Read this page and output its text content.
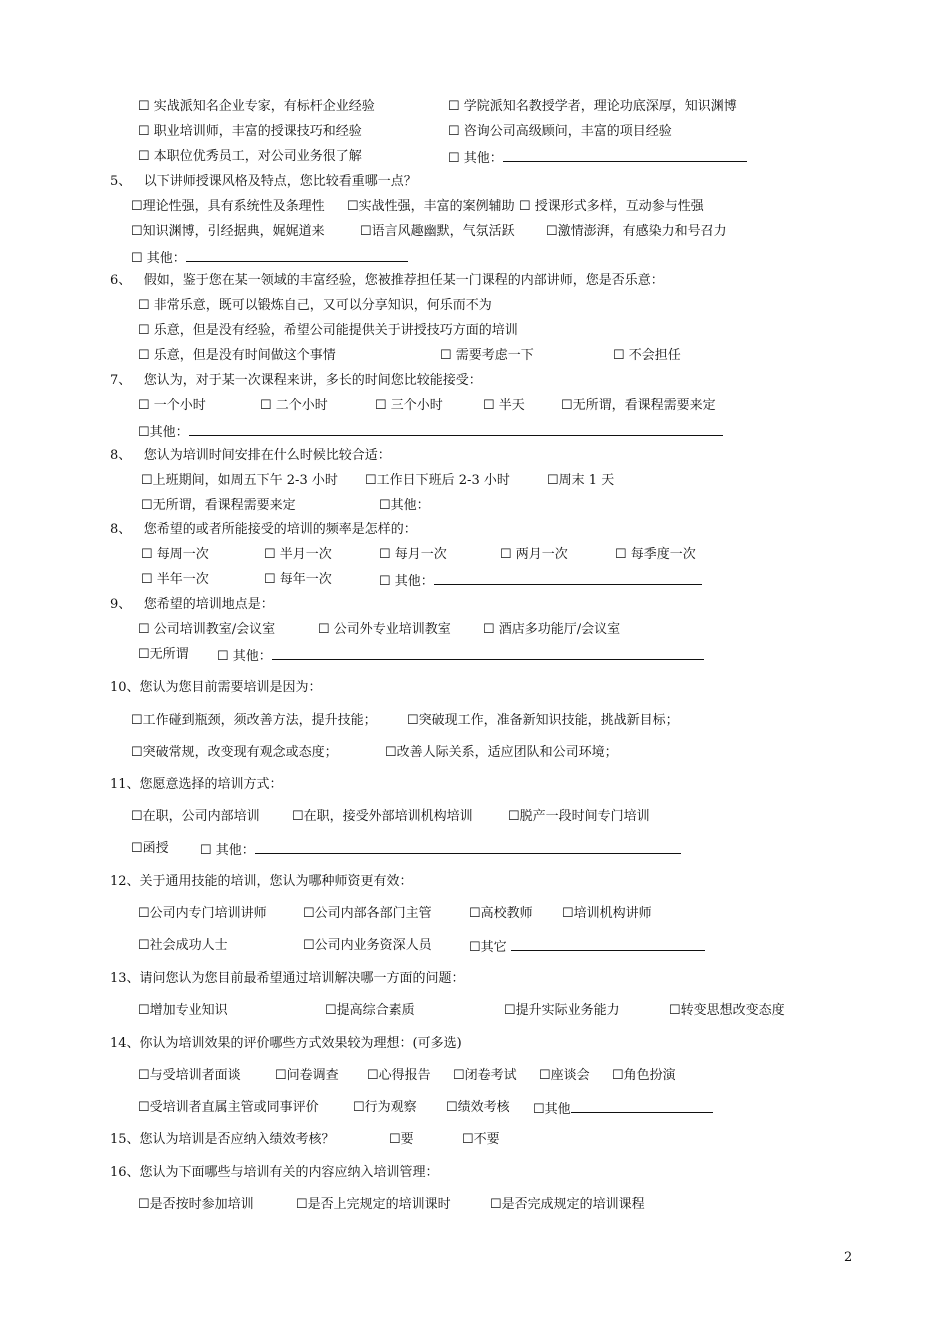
☐ 实战派知名企业专家，有标杆企业经验	☐ 学院派知名教授学者，理论功底深厚，知识渊博
☐ 职业培训师，丰富的授课技巧和经验	☐ 咨询公司高级顾问，丰富的项目经验
☐ 本职位优秀员工，对公司业务很了解	☐ 其他：
5、 以下讲师授课风格及特点，您比较看重哪一点？
☐理论性强，具有系统性及条理性 ☐实战性强，丰富的案例辅助 ☐ 授课形式多样，互动参与性强
☐知识渊博，引经据典，娓娓道来	☐语言风趣幽默，气氛活跃 ☐激情澎湃，有感染力和号召力
☐ 其他：
6、 假如，鉴于您在某一领域的丰富经验，您被推荐担任某一门课程的内部讲师，您是否乐意：
☐ 非常乐意，既可以锻炼自己，又可以分享知识，何乐而不为
☐ 乐意，但是没有经验，希望公司能提供关于讲授技巧方面的培训
☐ 乐意，但是没有时间做这个事情	☐ 需要考虑一下	☐ 不会担任
7、 您认为，对于某一次课程来讲，多长的时间您比较能接受：
☐ 一个小时	☐ 二个小时	☐ 三个小时	☐ 半天	☐无所谓，看课程需要来定
☐其他：
8、 您认为培训时间安排在什么时候比较合适：
☐上班期间，如周五下午 2-3 小时 ☐工作日下班后 2-3 小时	☐周末 1 天
☐无所谓，看课程需要来定	☐其他：
8、 您希望的或者所能接受的培训的频率是怎样的：
☐ 每周一次	☐ 半月一次	☐ 每月一次	☐ 两月一次	☐ 每季度一次
☐ 半年一次	☐ 每年一次	☐ 其他：
9、 您希望的培训地点是：
☐ 公司培训教室/会议室	☐ 公司外专业培训教室 ☐ 酒店多功能厅/会议室
☐无所谓 ☐ 其他：
10、您认为您目前需要培训是因为：
☐工作碰到瓶颈，须改善方法，提升技能； ☐突破现工作，准备新知识技能，挑战新目标；
☐突破常规，改变现有观念或态度；	☐改善人际关系，适应团队和公司环境；
11、您愿意选择的培训方式：
☐在职，公司内部培训 ☐在职，接受外部培训机构培训	☐脱产一段时间专门培训
☐函授 ☐ 其他：
12、关于通用技能的培训，您认为哪种师资更有效：
☐公司内专门培训讲师	☐公司内部各部门主管	☐高校教师 ☐培训机构讲师
☐社会成功人士	☐公司内业务资深人员	☐其它
13、请问您认为您目前最希望通过培训解决哪一方面的问题：
☐增加专业知识	☐提高综合素质	☐提升实际业务能力	☐转变思想改变态度
14、你认为培训效果的评价哪些方式效果较为理想：(可多选)
☐与受培训者面谈	☐问卷调查 ☐心得报告 ☐闭卷考试 ☐座谈会 ☐角色扮演
☐受培训者直属主管或同事评价	☐行为观察 ☐绩效考核 ☐其他
15、您认为培训是否应纳入绩效考核？	☐要	☐不要
16、您认为下面哪些与培训有关的内容应纳入培训管理：
☐是否按时参加培训	☐是否上完规定的培训课时	☐是否完成规定的培训课程
2
